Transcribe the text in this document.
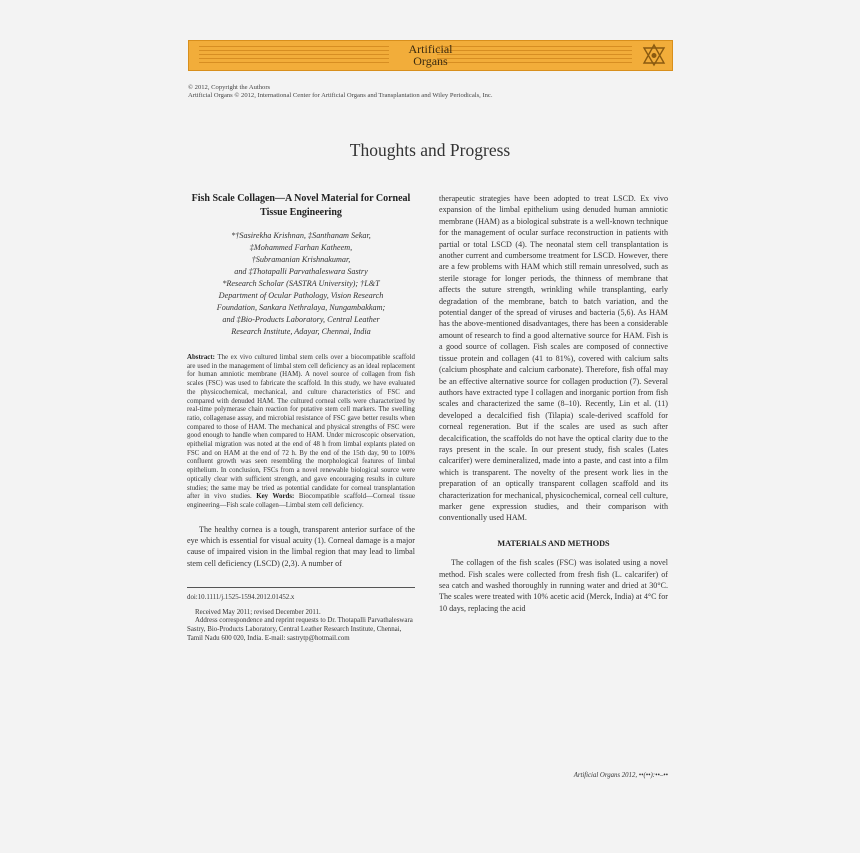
Artificial
Organs
© 2012, Copyright the Authors
Artificial Organs © 2012, International Center for Artificial Organs and Transplantation and Wiley Periodicals, Inc.
Thoughts and Progress

Fish Scale Collagen—A Novel Material for Corneal Tissue Engineering

*†Sasirekha Krishnan, ‡Santhanam Sekar,
‡Mohammed Farhan Katheem,
†Subramanian Krishnakumar,
and ‡Thotapalli Parvathaleswara Sastry
*Research Scholar (SASTRA University); †L&T
Department of Ocular Pathology, Vision Research
Foundation, Sankara Nethralaya, Nungambakkam;
and ‡Bio-Products Laboratory, Central Leather
Research Institute, Adayar, Chennai, India

Abstract: The ex vivo cultured limbal stem cells over a biocompatible scaffold are used in the management of limbal stem cell deficiency as an ideal replacement for human amniotic membrane (HAM). A novel source of collagen from fish scales (FSC) was used to fabricate the scaffold. In this study, we have evaluated the physicochemical, mechanical, and culture characteristics of FSC and compared with denuded HAM. The cultured corneal cells were characterized by real-time polymerase chain reaction for putative stem cell markers. The swelling ratio, collagenase assay, and microbial resistance of FSC gave better results when compared to those of HAM. The mechanical and physical strengths of FSC were good enough to handle when compared to HAM. Under microscopic observation, epithelial migration was noted at the end of 48 h from limbal explants plated on FSC and on HAM at the end of 72 h. By the end of the 15th day, 90 to 100% confluent growth was seen resembling the morphological features of limbal epithelium. In conclusion, FSCs from a novel renewable biological source were optically clear with sufficient strength, and gave encouraging results in culture studies; the same may be tried as potential candidate for corneal transplantation after in vivo studies. Key Words: Biocompatible scaffold—Corneal tissue engineering—Fish scale collagen—Limbal stem cell deficiency.

The healthy cornea is a tough, transparent anterior surface of the eye which is essential for visual acuity (1). Corneal damage is a major cause of impaired vision in the limbal region that may lead to limbal stem cell deficiency (LSCD) (2,3). A number of

doi:10.1111/j.1525-1594.2012.01452.x

Received May 2011; revised December 2011.

Address correspondence and reprint requests to Dr. Thotapalli Parvathaleswara Sastry, Bio-Products Laboratory, Central Leather Research Institute, Chennai, Tamil Nadu 600 020, India. E-mail: sastrytp@hotmail.com

therapeutic strategies have been adopted to treat LSCD. Ex vivo expansion of the limbal epithelium using denuded human amniotic membrane (HAM) as a biological substrate is a well-known technique for the management of ocular surface reconstruction in patients with partial or total LSCD (4). The neonatal stem cell transplantation is another current and cumbersome treatment for LSCD. However, there are a few problems with HAM which still remain unresolved, such as sterile storage for longer periods, the thinness of membrane that affects the suture strength, wrinkling while transplanting, early degradation of the membrane, batch to batch variation, and the potential danger of the spread of viruses and bacteria (5,6). As HAM has the above-mentioned disadvantages, there has been a considerable amount of research to find a good alternative source for HAM. Fish is a good source of collagen. Fish scales are composed of connective tissue protein and collagen (41 to 81%), covered with calcium salts (calcium phosphate and calcium carbonate). Therefore, fish offal may be an effective alternative source for collagen production (7). Several authors have extracted type I collagen and inorganic portion from fish scales and characterized the same (8–10). Recently, Lin et al. (11) developed a decalcified fish (Tilapia) scale-derived scaffold for corneal regeneration. But if the scales are used as such after decalcification, the scaffolds do not have the optical clarity due to the rays present in the scale. In our present study, fish scales (Lates calcarifer) were demineralized, made into a paste, and cast into a film which is transparent. The novelty of the present work lies in the preparation of an optically transparent collagen scaffold and its characterization for mechanical, physicochemical, corneal cell culture, marker gene expression studies, and their comparison with conventionally used HAM.

MATERIALS AND METHODS

The collagen of the fish scales (FSC) was isolated using a novel method. Fish scales were collected from fresh fish (L. calcarifer) of sea catch and washed thoroughly in running water and dried at 30°C. The scales were treated with 10% acetic acid (Merck, India) at 4°C for 10 days, replacing the acid

Artificial Organs 2012, ••(••):••–••
